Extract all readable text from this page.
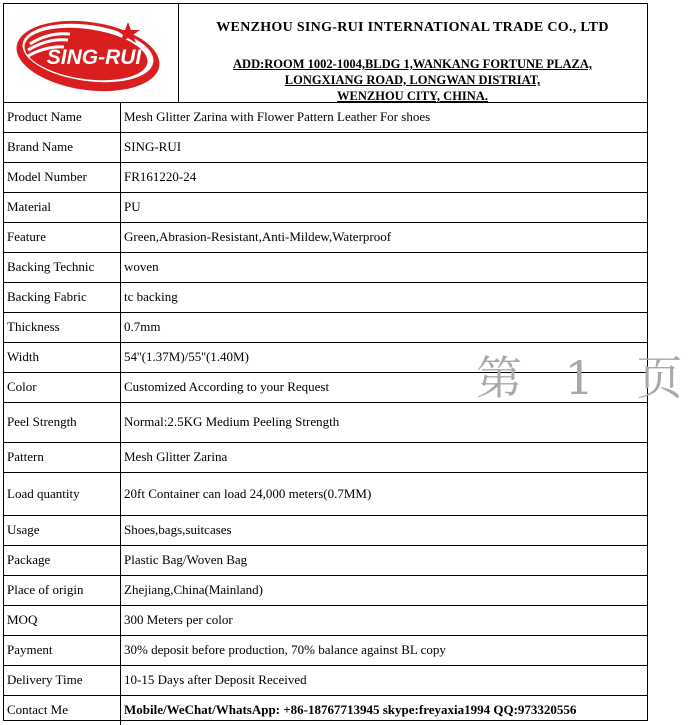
SING-RUI
WENZHOU SING-RUI INTERNATIONAL TRADE CO., LTD
ADD:ROOM 1002-1004,BLDG 1,WANKANG FORTUNE PLAZA,
LONGXIANG ROAD, LONGWAN DISTRIAT,
WENZHOU CITY, CHINA.
Product Name	Mesh Glitter Zarina with Flower Pattern Leather For shoes
Brand Name	SING-RUI
Model Number	FR161220-24
Material	PU
Feature	Green,Abrasion-Resistant,Anti-Mildew,Waterproof
Backing Technic	woven
Backing Fabric	tc backing
Thickness	0.7mm
Width	54''(1.37M)/55''(1.40M)
Color	Customized According to your Request
Peel Strength	Normal:2.5KG Medium Peeling Strength
Pattern	Mesh Glitter Zarina
Load quantity	20ft Container can load 24,000 meters(0.7MM)
Usage	Shoes,bags,suitcases
Package	Plastic Bag/Woven Bag
Place of origin	Zhejiang,China(Mainland)
MOQ	300 Meters per color
Payment	30% deposit before production, 70% balance against BL copy
Delivery Time	10-15 Days after Deposit Received
Contact Me	Mobile/WeChat/WhatsApp: +86-18767713945 skype:freyaxia1994 QQ:973320556
第 1 页
